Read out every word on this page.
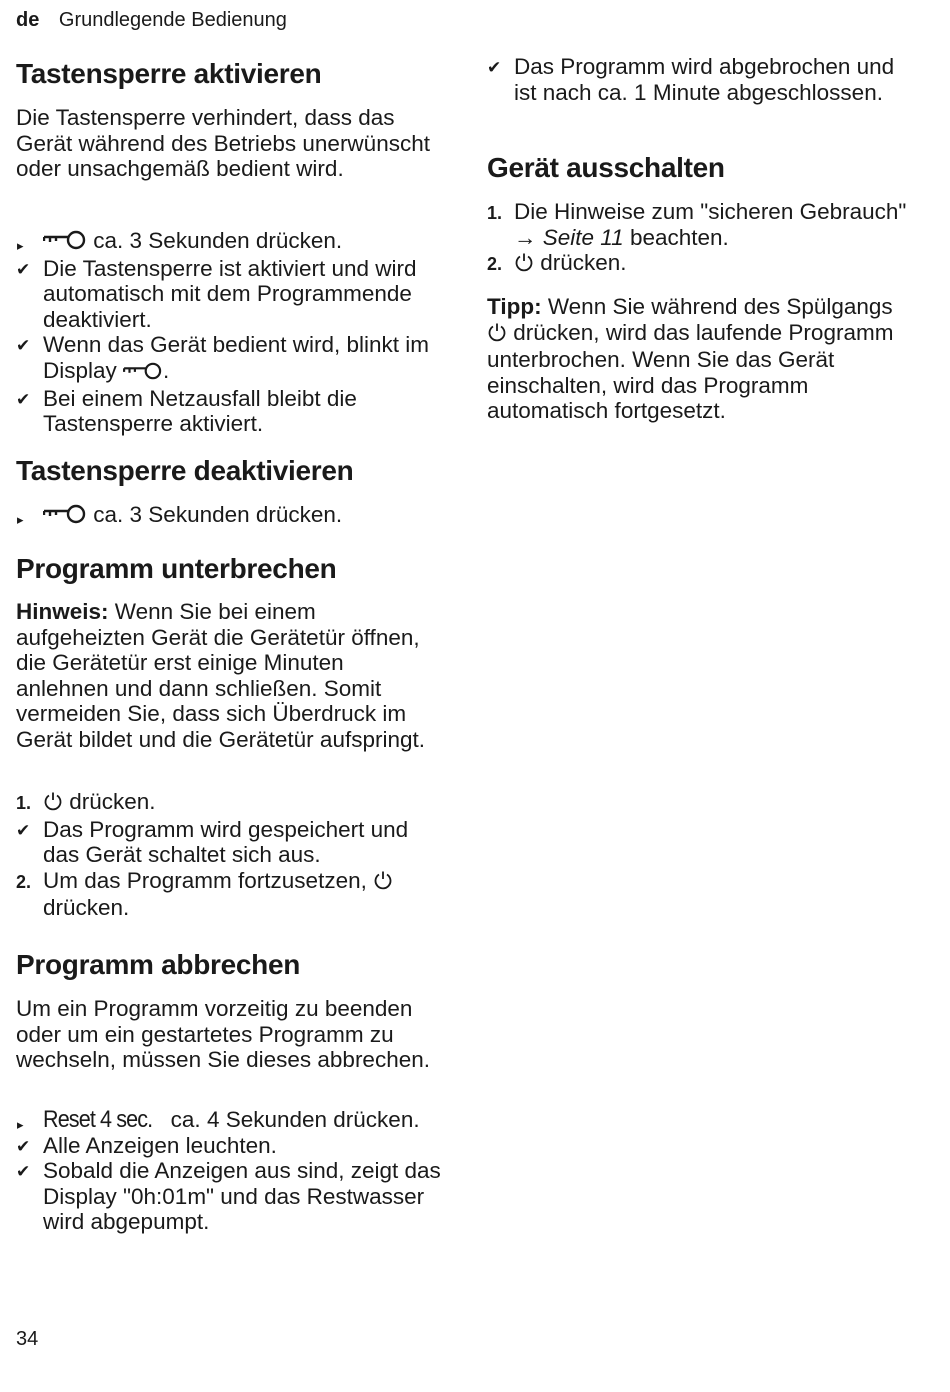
de Grundlegende Bedienung
Tastensperre aktivieren

Die Tastensperre verhindert, dass das Gerät während des Betriebs unerwünscht oder unsachgemäß bedient wird.

▸	ca. 3 Sekunden drücken.
✔ Die Tastensperre ist aktiviert und wird automatisch mit dem Programmende deaktiviert.
✔ Wenn das Gerät bedient wird, blinkt im Display .
✔ Bei einem Netzausfall bleibt die Tastensperre aktiviert.
Tastensperre deaktivieren
▸	ca. 3 Sekunden drücken.
Programm unterbrechen

Hinweis: Wenn Sie bei einem aufgeheizten Gerät die Gerätetür öffnen, die Gerätetür erst einige Minuten anlehnen und dann schließen. Somit vermeiden Sie, dass sich Überdruck im Gerät bildet und die Gerätetür aufspringt.

1.	drücken.
✔ Das Programm wird gespeichert und das Gerät schaltet sich aus.
2. Um das Programm fortzusetzen,  drücken.
Programm abbrechen

Um ein Programm vorzeitig zu beenden oder um ein gestartetes Programm zu wechseln, müssen Sie dieses abbrechen.

▸ Reset 4 sec. ca. 4 Sekunden drücken.
✔ Alle Anzeigen leuchten.
✔ Sobald die Anzeigen aus sind, zeigt das Display "0h:01m" und das Restwasser wird abgepumpt.
✔ Das Programm wird abgebrochen und ist nach ca. 1 Minute abgeschlossen.
Gerät ausschalten
1. Die Hinweise zum "sicheren Gebrauch" → Seite 11 beachten.
2.	drücken.

Tipp: Wenn Sie während des Spülgangs  drücken, wird das laufende Programm unterbrochen. Wenn Sie das Gerät einschalten, wird das Programm automatisch fortgesetzt.

34
